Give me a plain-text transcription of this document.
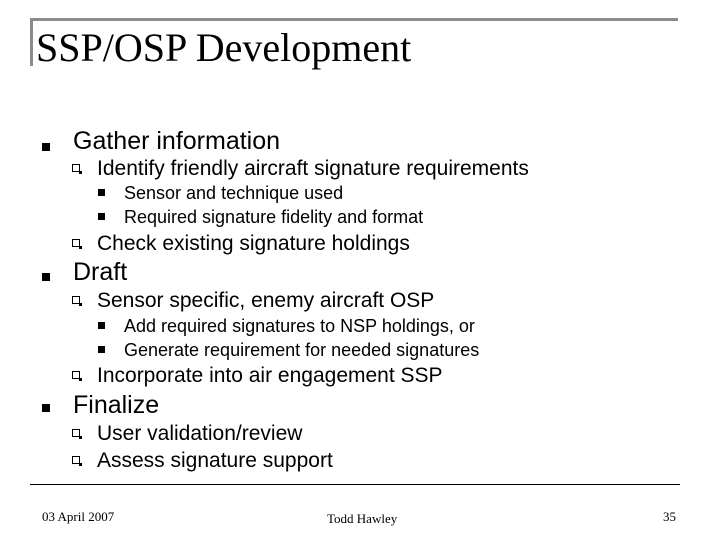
SSP/OSP Development
Gather information
Identify friendly aircraft signature requirements
Sensor and technique used
Required signature fidelity and format
Check existing signature holdings
Draft
Sensor specific, enemy aircraft OSP
Add required signatures to NSP holdings, or
Generate requirement for needed signatures
Incorporate into air engagement SSP
Finalize
User validation/review
Assess signature support
03 April 2007	Todd Hawley	35
